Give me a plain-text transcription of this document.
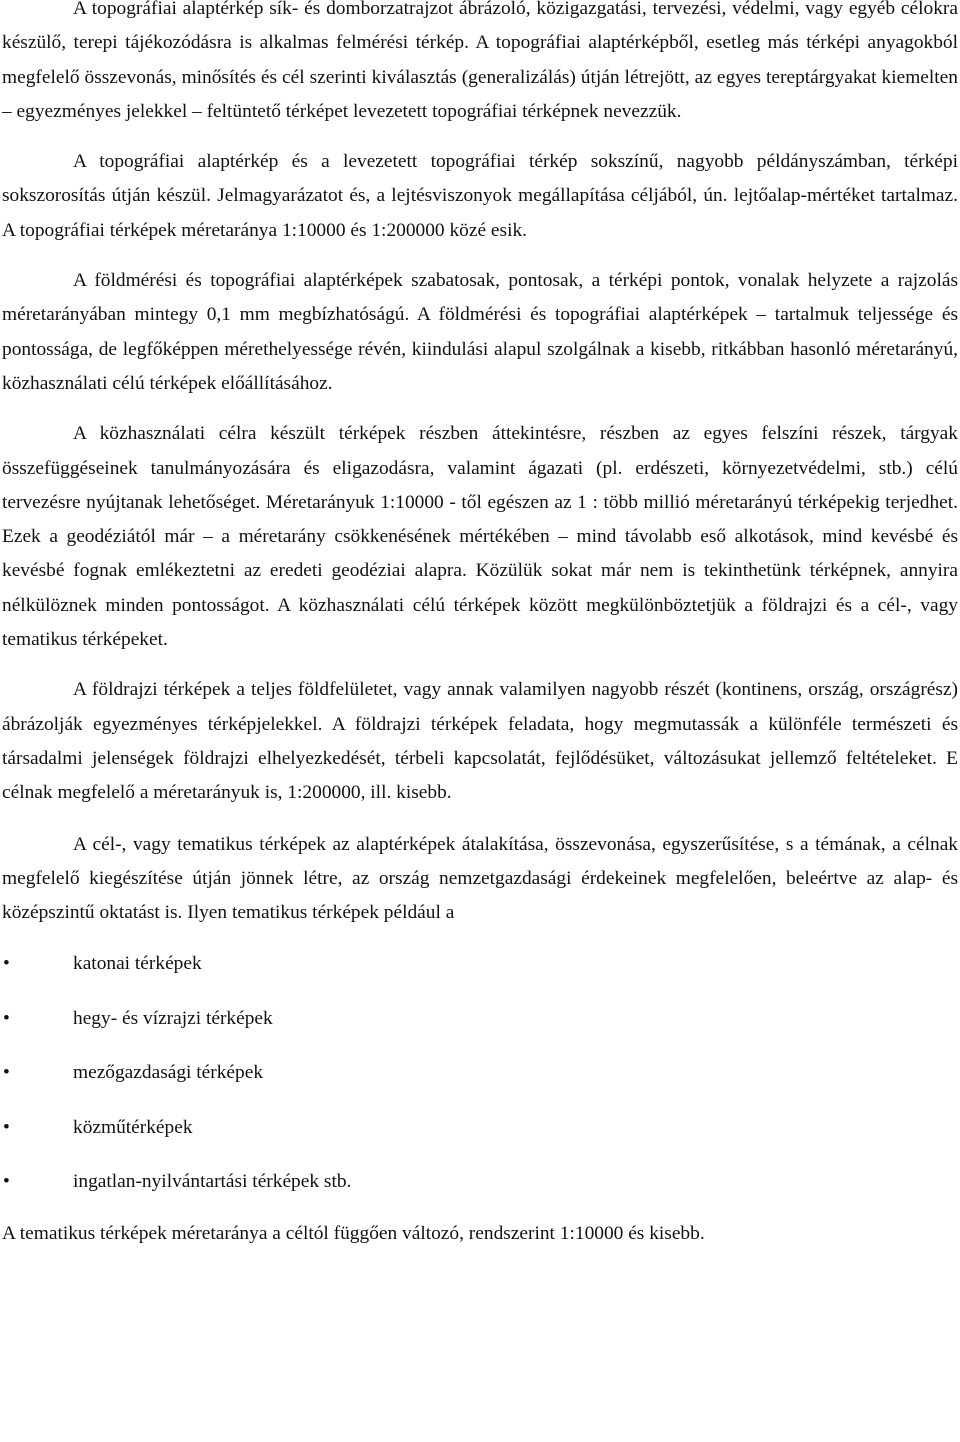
A topográfiai alaptérkép sík- és domborzatrajzot ábrázoló, közigazgatási, tervezési, védelmi, vagy egyéb célokra készülő, terepi tájékozódásra is alkalmas felmérési térkép. A topográfiai alaptérképből, esetleg más térképi anyagokból megfelelő összevonás, minősítés és cél szerinti kiválasztás (generalizálás) útján létrejött, az egyes tereptárgyakat kiemelten – egyezményes jelekkel – feltüntető térképet levezetett topográfiai térképnek nevezzük.

A topográfiai alaptérkép és a levezetett topográfiai térkép sokszínű, nagyobb példányszámban, térképi sokszorosítás útján készül. Jelmagyarázatot és, a lejtésviszonyok megállapítása céljából, ún. lejtőalap-mértéket tartalmaz. A topográfiai térképek méretaránya 1:10000 és 1:200000 közé esik.

A földmérési és topográfiai alaptérképek szabatosak, pontosak, a térképi pontok, vonalak helyzete a rajzolás méretarányában mintegy 0,1 mm megbízhatóságú. A földmérési és topográfiai alaptérképek – tartalmuk teljessége és pontossága, de legfőképpen mérethelyessége révén, kiindulási alapul szolgálnak a kisebb, ritkábban hasonló méretarányú, közhasználati célú térképek előállításához.

A közhasználati célra készült térképek részben áttekintésre, részben az egyes felszíni részek, tárgyak összefüggéseinek tanulmányozására és eligazodásra, valamint ágazati (pl. erdészeti, környezetvédelmi, stb.) célú tervezésre nyújtanak lehetőséget. Méretarányuk 1:10000 - től egészen az 1 : több millió méretarányú térképekig terjedhet. Ezek a geodéziától már – a méretarány csökkenésének mértékében – mind távolabb eső alkotások, mind kevésbé és kevésbé fognak emlékeztetni az eredeti geodéziai alapra. Közülük sokat már nem is tekinthetünk térképnek, annyira nélkülöznek minden pontosságot. A közhasználati célú térképek között megkülönböztetjük a földrajzi és a cél-, vagy tematikus térképeket.

A földrajzi térképek a teljes földfelületet, vagy annak valamilyen nagyobb részét (kontinens, ország, országrész) ábrázolják egyezményes térképjelekkel. A földrajzi térképek feladata, hogy megmutassák a különféle természeti és társadalmi jelenségek földrajzi elhelyezkedését, térbeli kapcsolatát, fejlődésüket, változásukat jellemző feltételeket. E célnak megfelelő a méretarányuk is, 1:200000, ill. kisebb.

A cél-, vagy tematikus térképek az alaptérképek átalakítása, összevonása, egyszerűsítése, s a témának, a célnak megfelelő kiegészítése útján jönnek létre, az ország nemzetgazdasági érdekeinek megfelelően, beleértve az alap- és középszintű oktatást is. Ilyen tematikus térképek például a

•	katonai térképek
•	hegy- és vízrajzi térképek
•	mezőgazdasági térképek
•	közműtérképek
•	ingatlan-nyilvántartási térképek stb.

A tematikus térképek méretaránya a céltól függően változó, rendszerint 1:10000 és kisebb.
